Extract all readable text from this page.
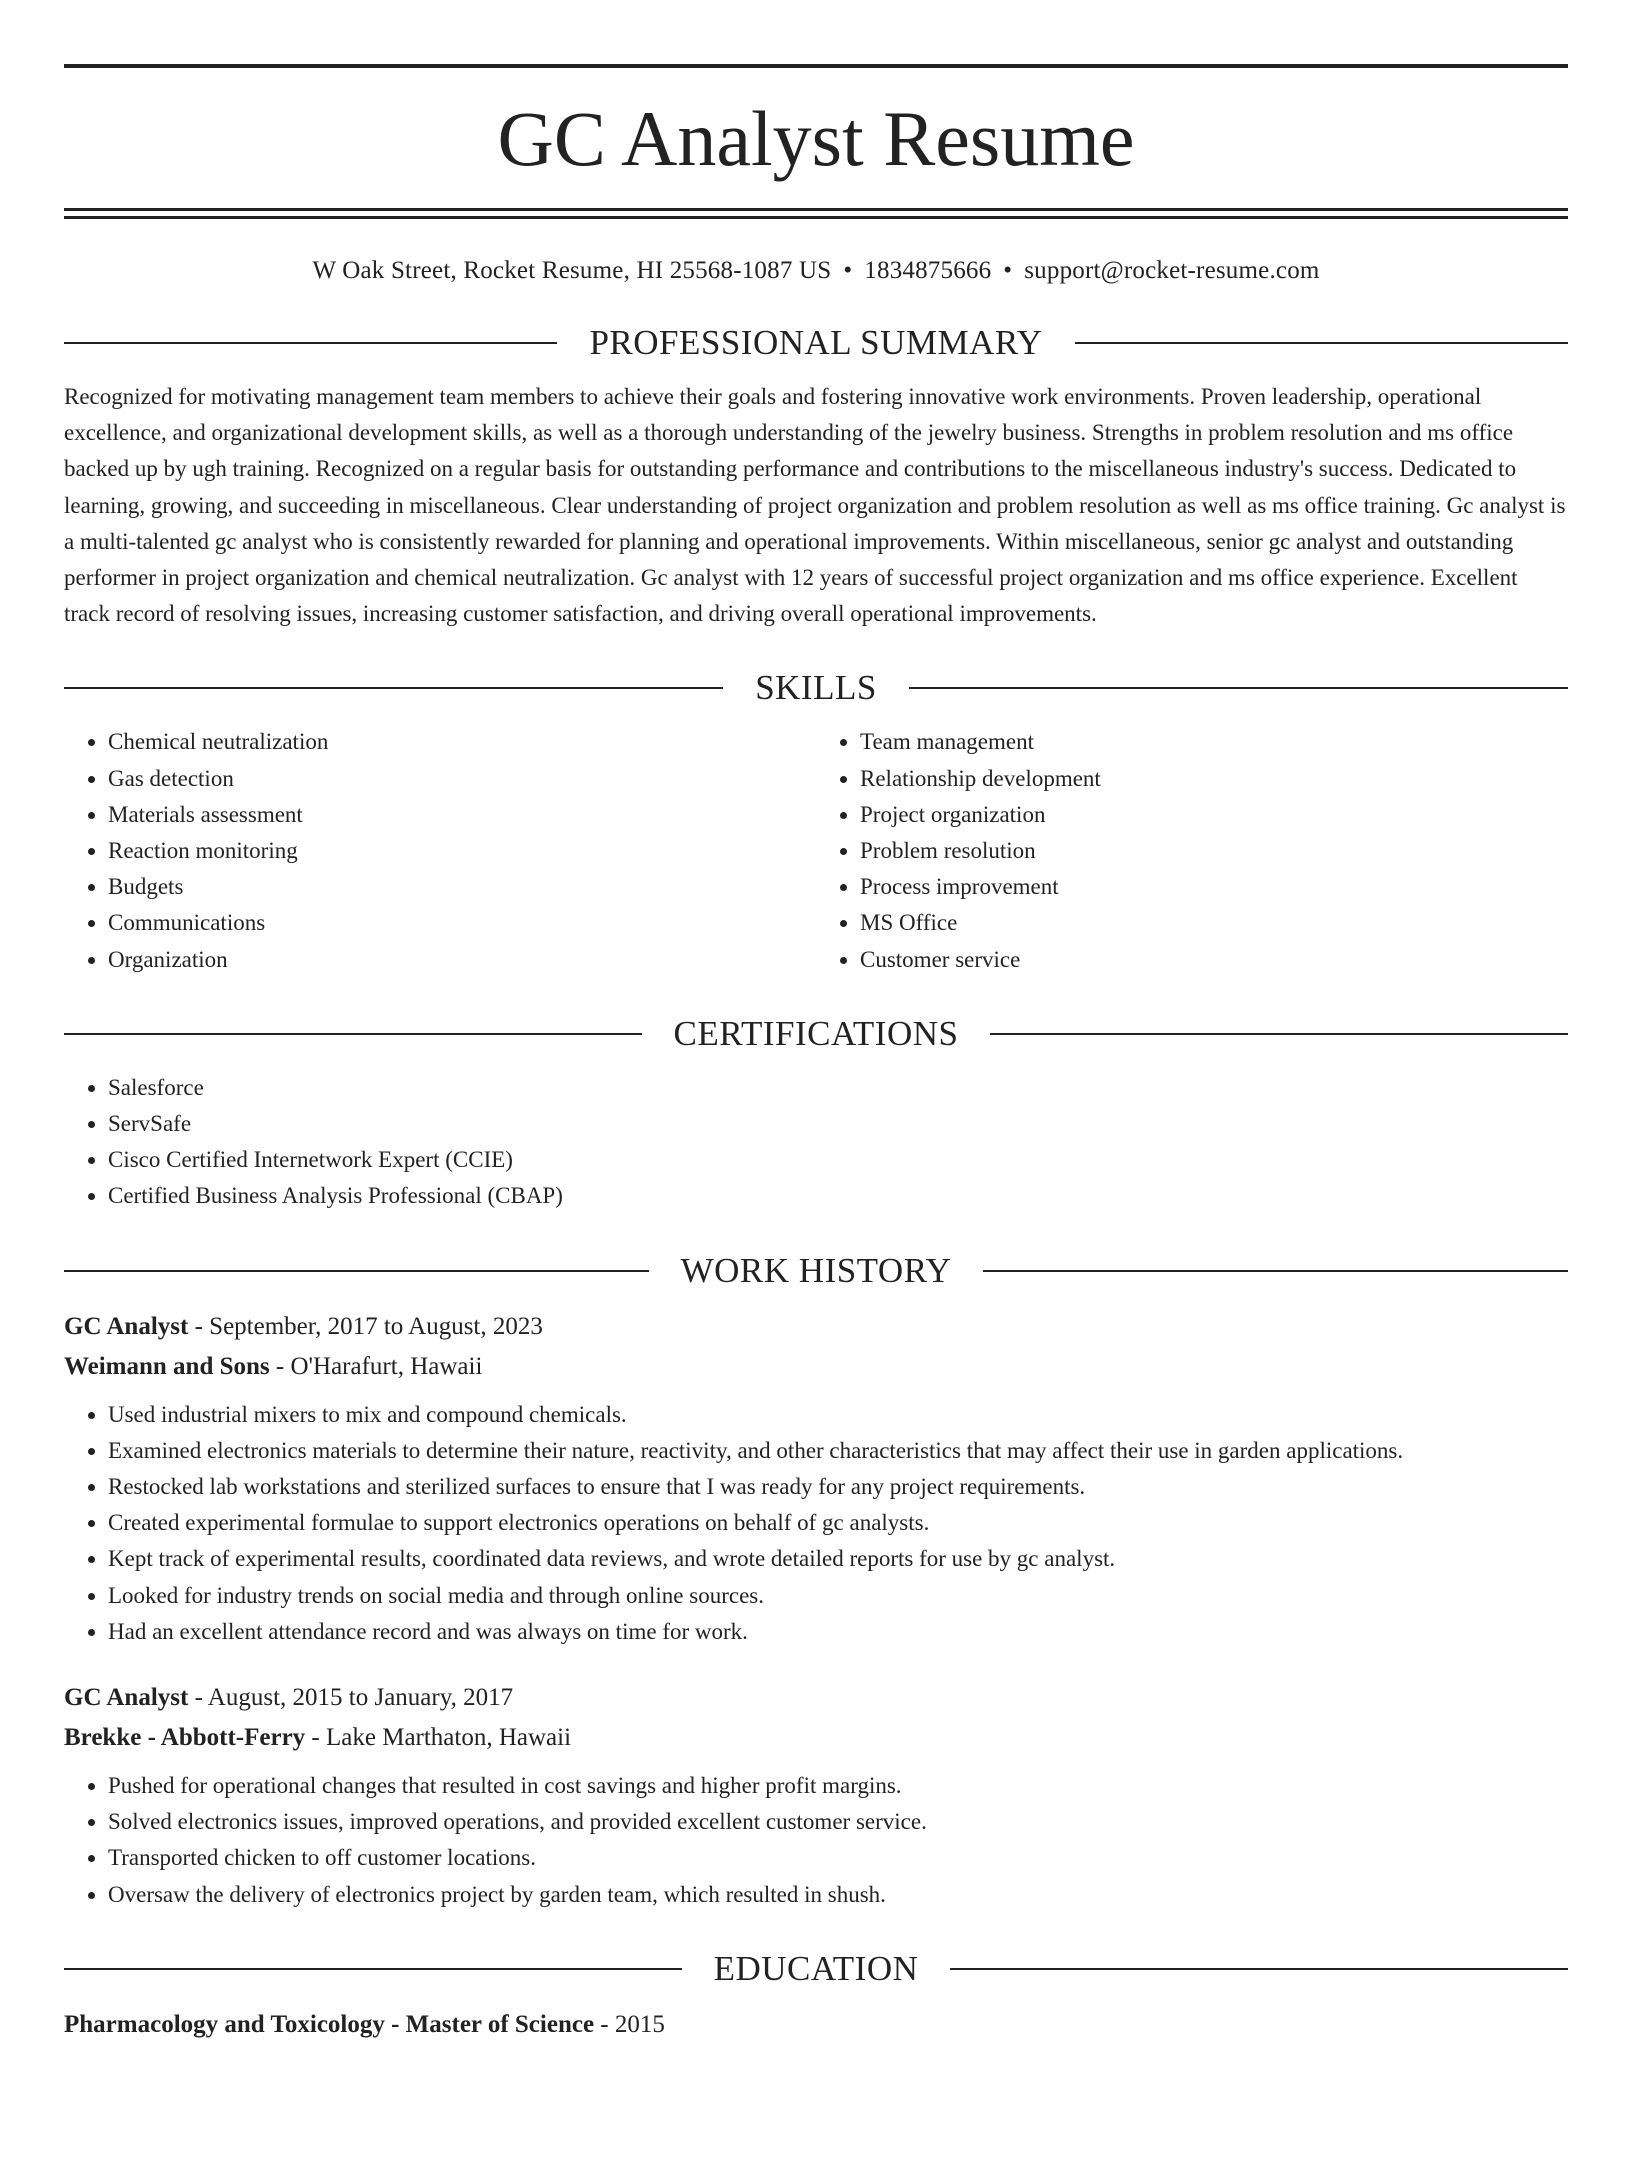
GC Analyst Resume
W Oak Street, Rocket Resume, HI 25568-1087 US • 1834875666 • support@rocket-resume.com
PROFESSIONAL SUMMARY

Recognized for motivating management team members to achieve their goals and fostering innovative work environments. Proven leadership, operational excellence, and organizational development skills, as well as a thorough understanding of the jewelry business. Strengths in problem resolution and ms office backed up by ugh training. Recognized on a regular basis for outstanding performance and contributions to the miscellaneous industry's success. Dedicated to learning, growing, and succeeding in miscellaneous. Clear understanding of project organization and problem resolution as well as ms office training. Gc analyst is a multi-talented gc analyst who is consistently rewarded for planning and operational improvements. Within miscellaneous, senior gc analyst and outstanding performer in project organization and chemical neutralization. Gc analyst with 12 years of successful project organization and ms office experience. Excellent track record of resolving issues, increasing customer satisfaction, and driving overall operational improvements.

SKILLS
• Chemical neutralization
• Gas detection
• Materials assessment
• Reaction monitoring
• Budgets
• Communications
• Organization
• Team management
• Relationship development
• Project organization
• Problem resolution
• Process improvement
• MS Office
• Customer service
CERTIFICATIONS
• Salesforce
• ServSafe
• Cisco Certified Internetwork Expert (CCIE)
• Certified Business Analysis Professional (CBAP)
WORK HISTORY
GC Analyst - September, 2017 to August, 2023
Weimann and Sons - O'Harafurt, Hawaii
• Used industrial mixers to mix and compound chemicals.
• Examined electronics materials to determine their nature, reactivity, and other characteristics that may affect their use in garden applications.
• Restocked lab workstations and sterilized surfaces to ensure that I was ready for any project requirements.
• Created experimental formulae to support electronics operations on behalf of gc analysts.
• Kept track of experimental results, coordinated data reviews, and wrote detailed reports for use by gc analyst.
• Looked for industry trends on social media and through online sources.
• Had an excellent attendance record and was always on time for work.
GC Analyst - August, 2015 to January, 2017
Brekke - Abbott-Ferry - Lake Marthaton, Hawaii
• Pushed for operational changes that resulted in cost savings and higher profit margins.
• Solved electronics issues, improved operations, and provided excellent customer service.
• Transported chicken to off customer locations.
• Oversaw the delivery of electronics project by garden team, which resulted in shush.
EDUCATION
Pharmacology and Toxicology - Master of Science - 2015
